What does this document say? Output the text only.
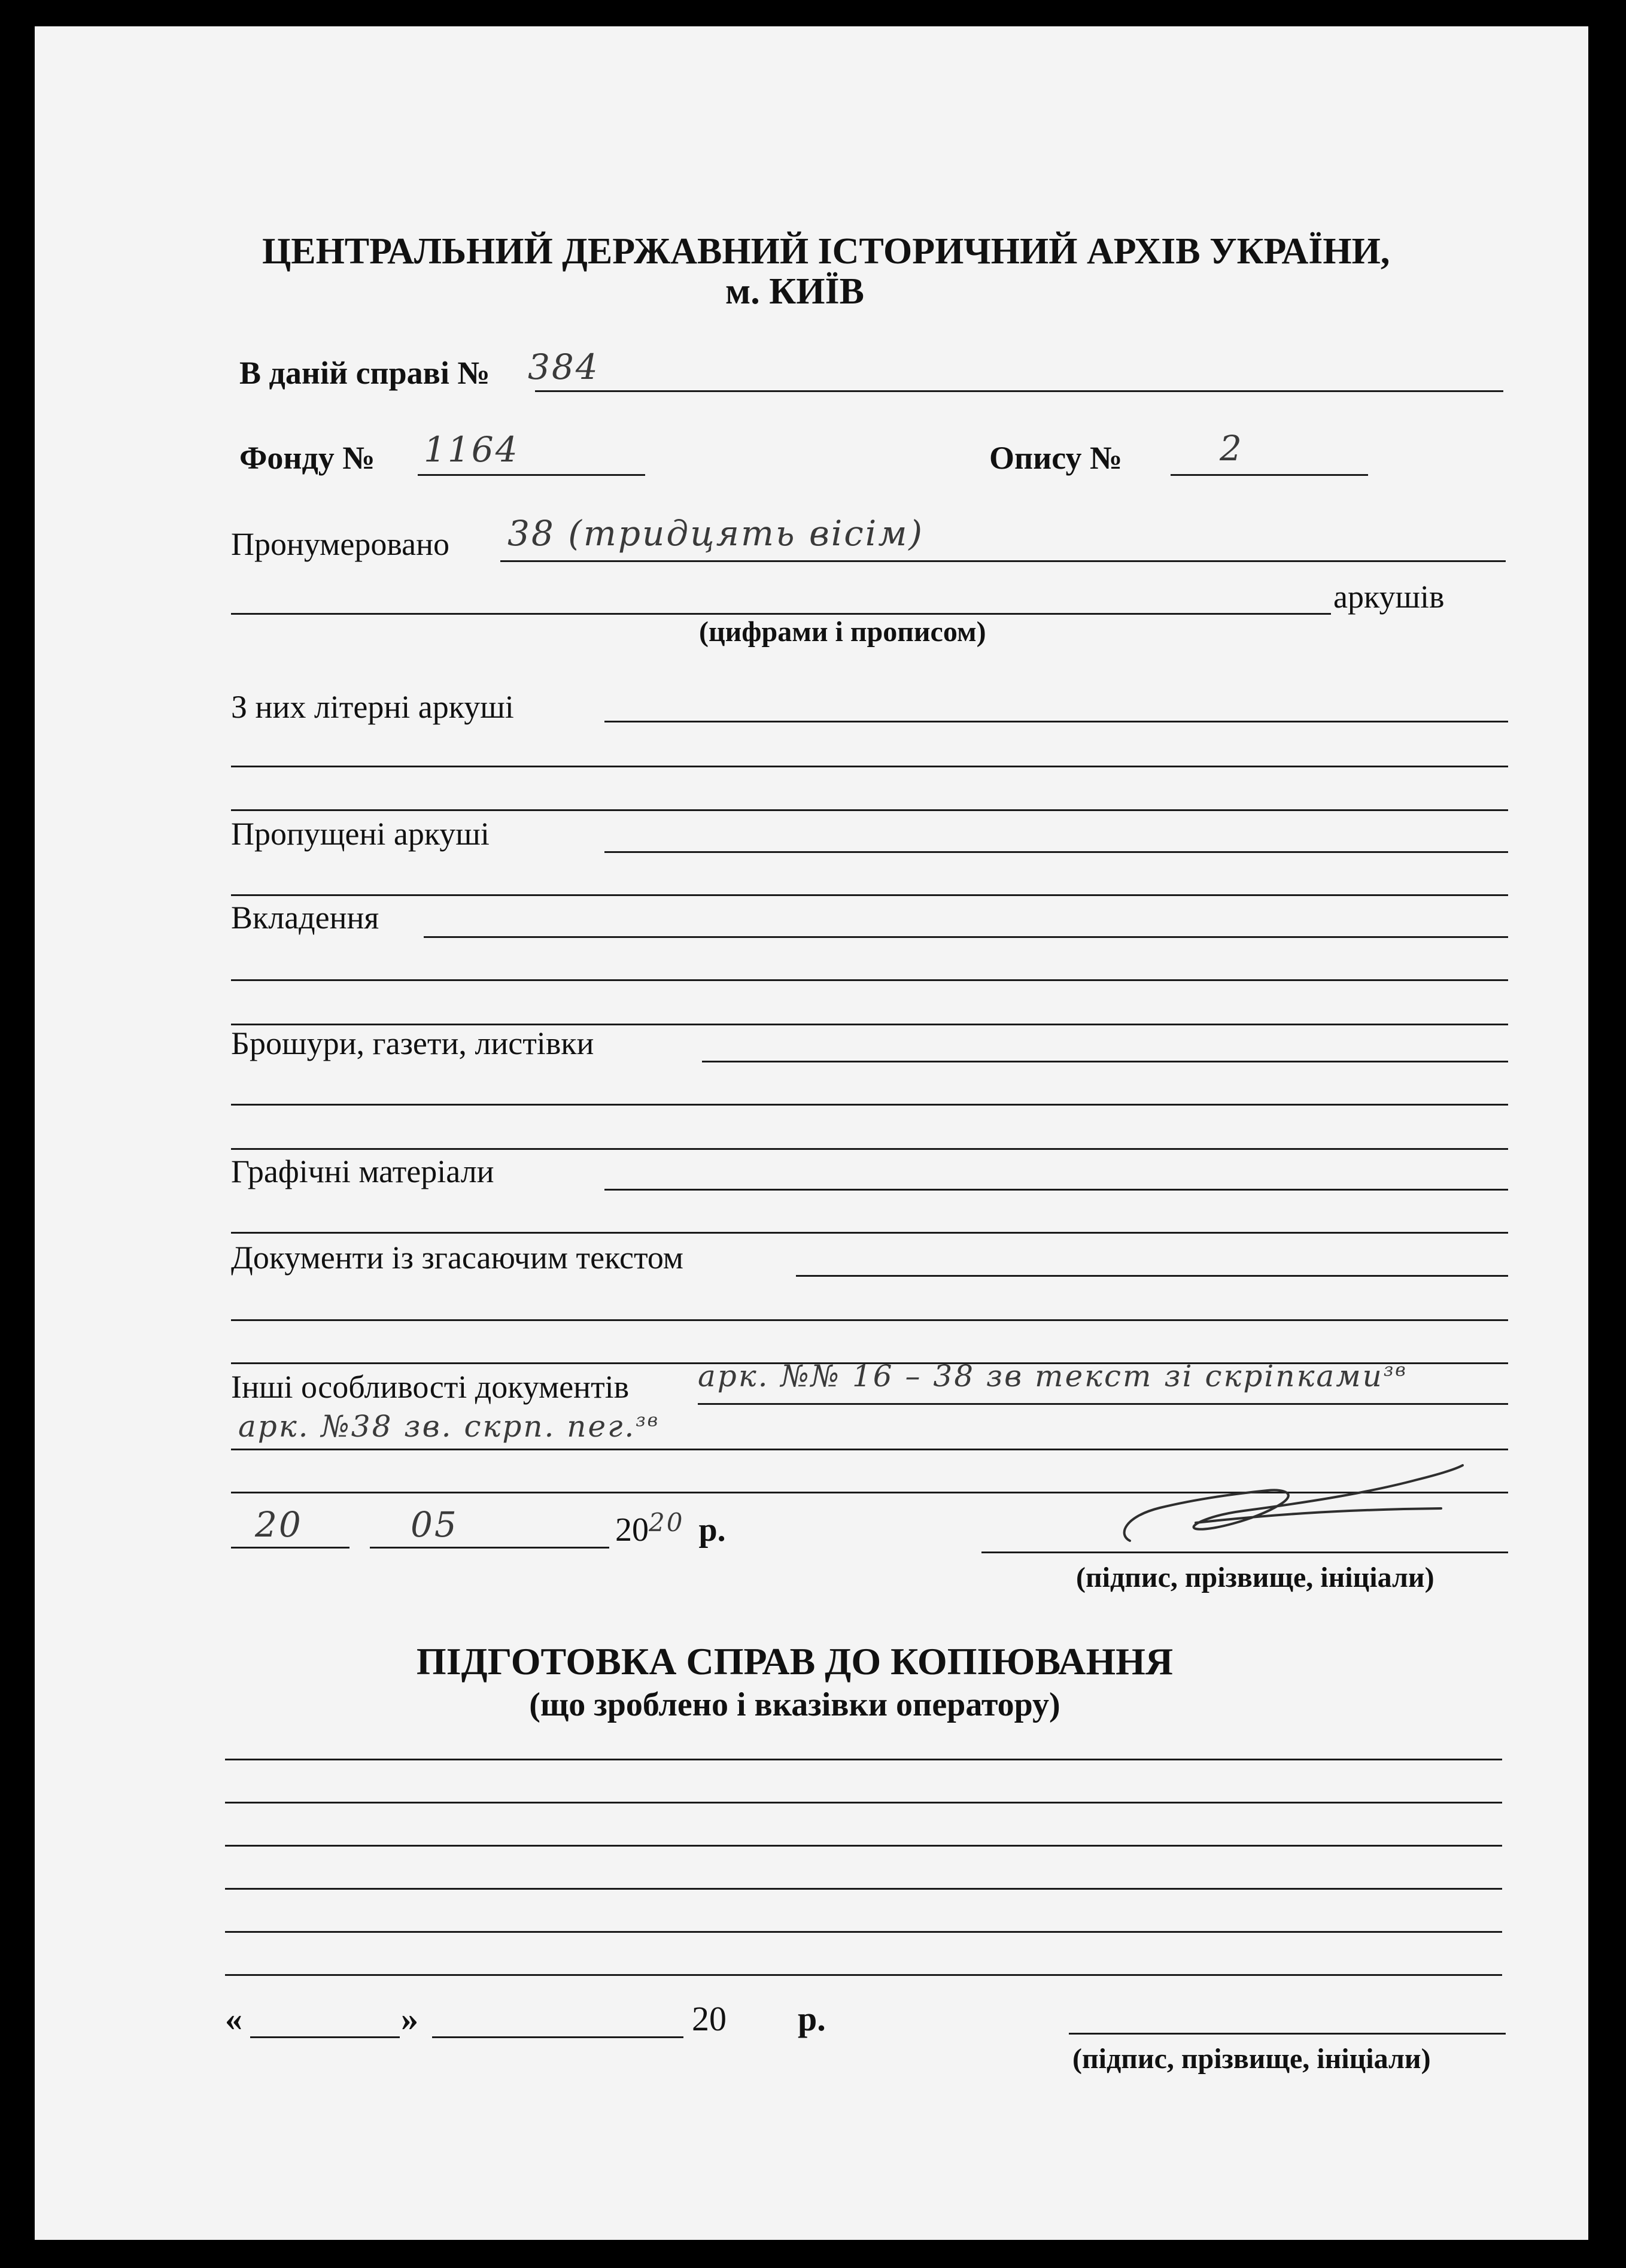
ЦЕНТРАЛЬНИЙ ДЕРЖАВНИЙ ІСТОРИЧНИЙ АРХІВ УКРАЇНИ,
м. КИЇВ
В даній справі № 384
Фонду № 1164	Опису №	2
Пронумеровано 38 (тридцять вісім)
аркушів
(цифрами і прописом)
З них літерні аркуші
Пропущені аркуші
Вкладення
Брошури, газети, листівки
Графічні матеріали
Документи із згасаючим текстом
Інші особливості документів арк. №№ 16 – 38 зв текст зі скріпками$^{зв}$
арк. №38 зв. скрп. пег.$^{зв}$
20	05	$20^{20}$ р.
(підпис, прізвище, ініціали)
ПІДГОТОВКА СПРАВ ДО КОПІЮВАННЯ
(що зроблено і вказівки оператору)
«	»	20 р.
(підпис, прізвище, ініціали)
